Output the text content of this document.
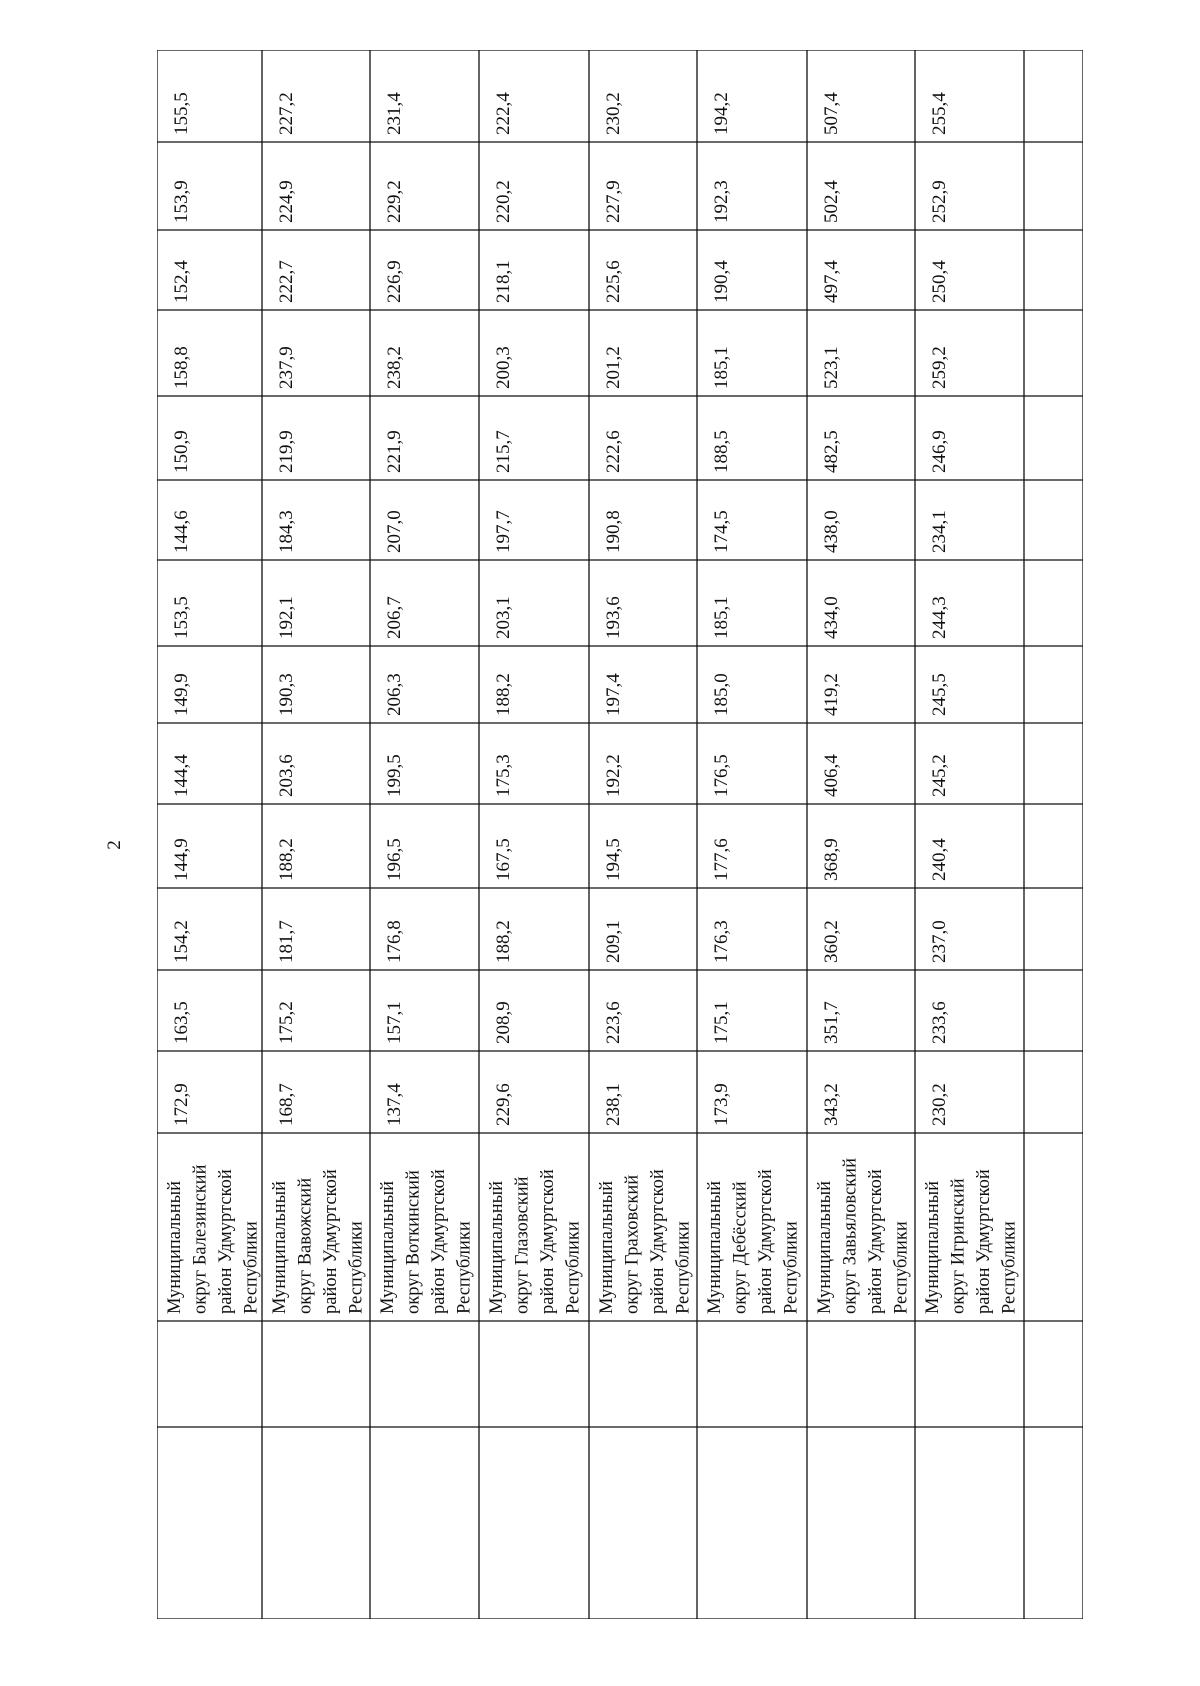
2
172,9
163,5
154,2
144,9
144,4
149,9
153,5
144,6
150,9
158,8
152,4
153,9
155,5
Муниципальный округ Балезинский район Удмуртской Республики
168,7
175,2
181,7
188,2
203,6
190,3
192,1
184,3
219,9
237,9
222,7
224,9
227,2
Муниципальный округ Вавожский район Удмуртской Республики
137,4
157,1
176,8
196,5
199,5
206,3
206,7
207,0
221,9
238,2
226,9
229,2
231,4
Муниципальный округ Воткинский район Удмуртской Республики
229,6
208,9
188,2
167,5
175,3
188,2
203,1
197,7
215,7
200,3
218,1
220,2
222,4
Муниципальный округ Глазовский район Удмуртской Республики
238,1
223,6
209,1
194,5
192,2
197,4
193,6
190,8
222,6
201,2
225,6
227,9
230,2
Муниципальный округ Граховский район Удмуртской Республики
173,9
175,1
176,3
177,6
176,5
185,0
185,1
174,5
188,5
185,1
190,4
192,3
194,2
Муниципальный округ Дебёсский район Удмуртской Республики
343,2
351,7
360,2
368,9
406,4
419,2
434,0
438,0
482,5
523,1
497,4
502,4
507,4
Муниципальный округ Завьяловский район Удмуртской Республики
230,2
233,6
237,0
240,4
245,2
245,5
244,3
234,1
246,9
259,2
250,4
252,9
255,4
Муниципальный округ Игринский район Удмуртской Республики
